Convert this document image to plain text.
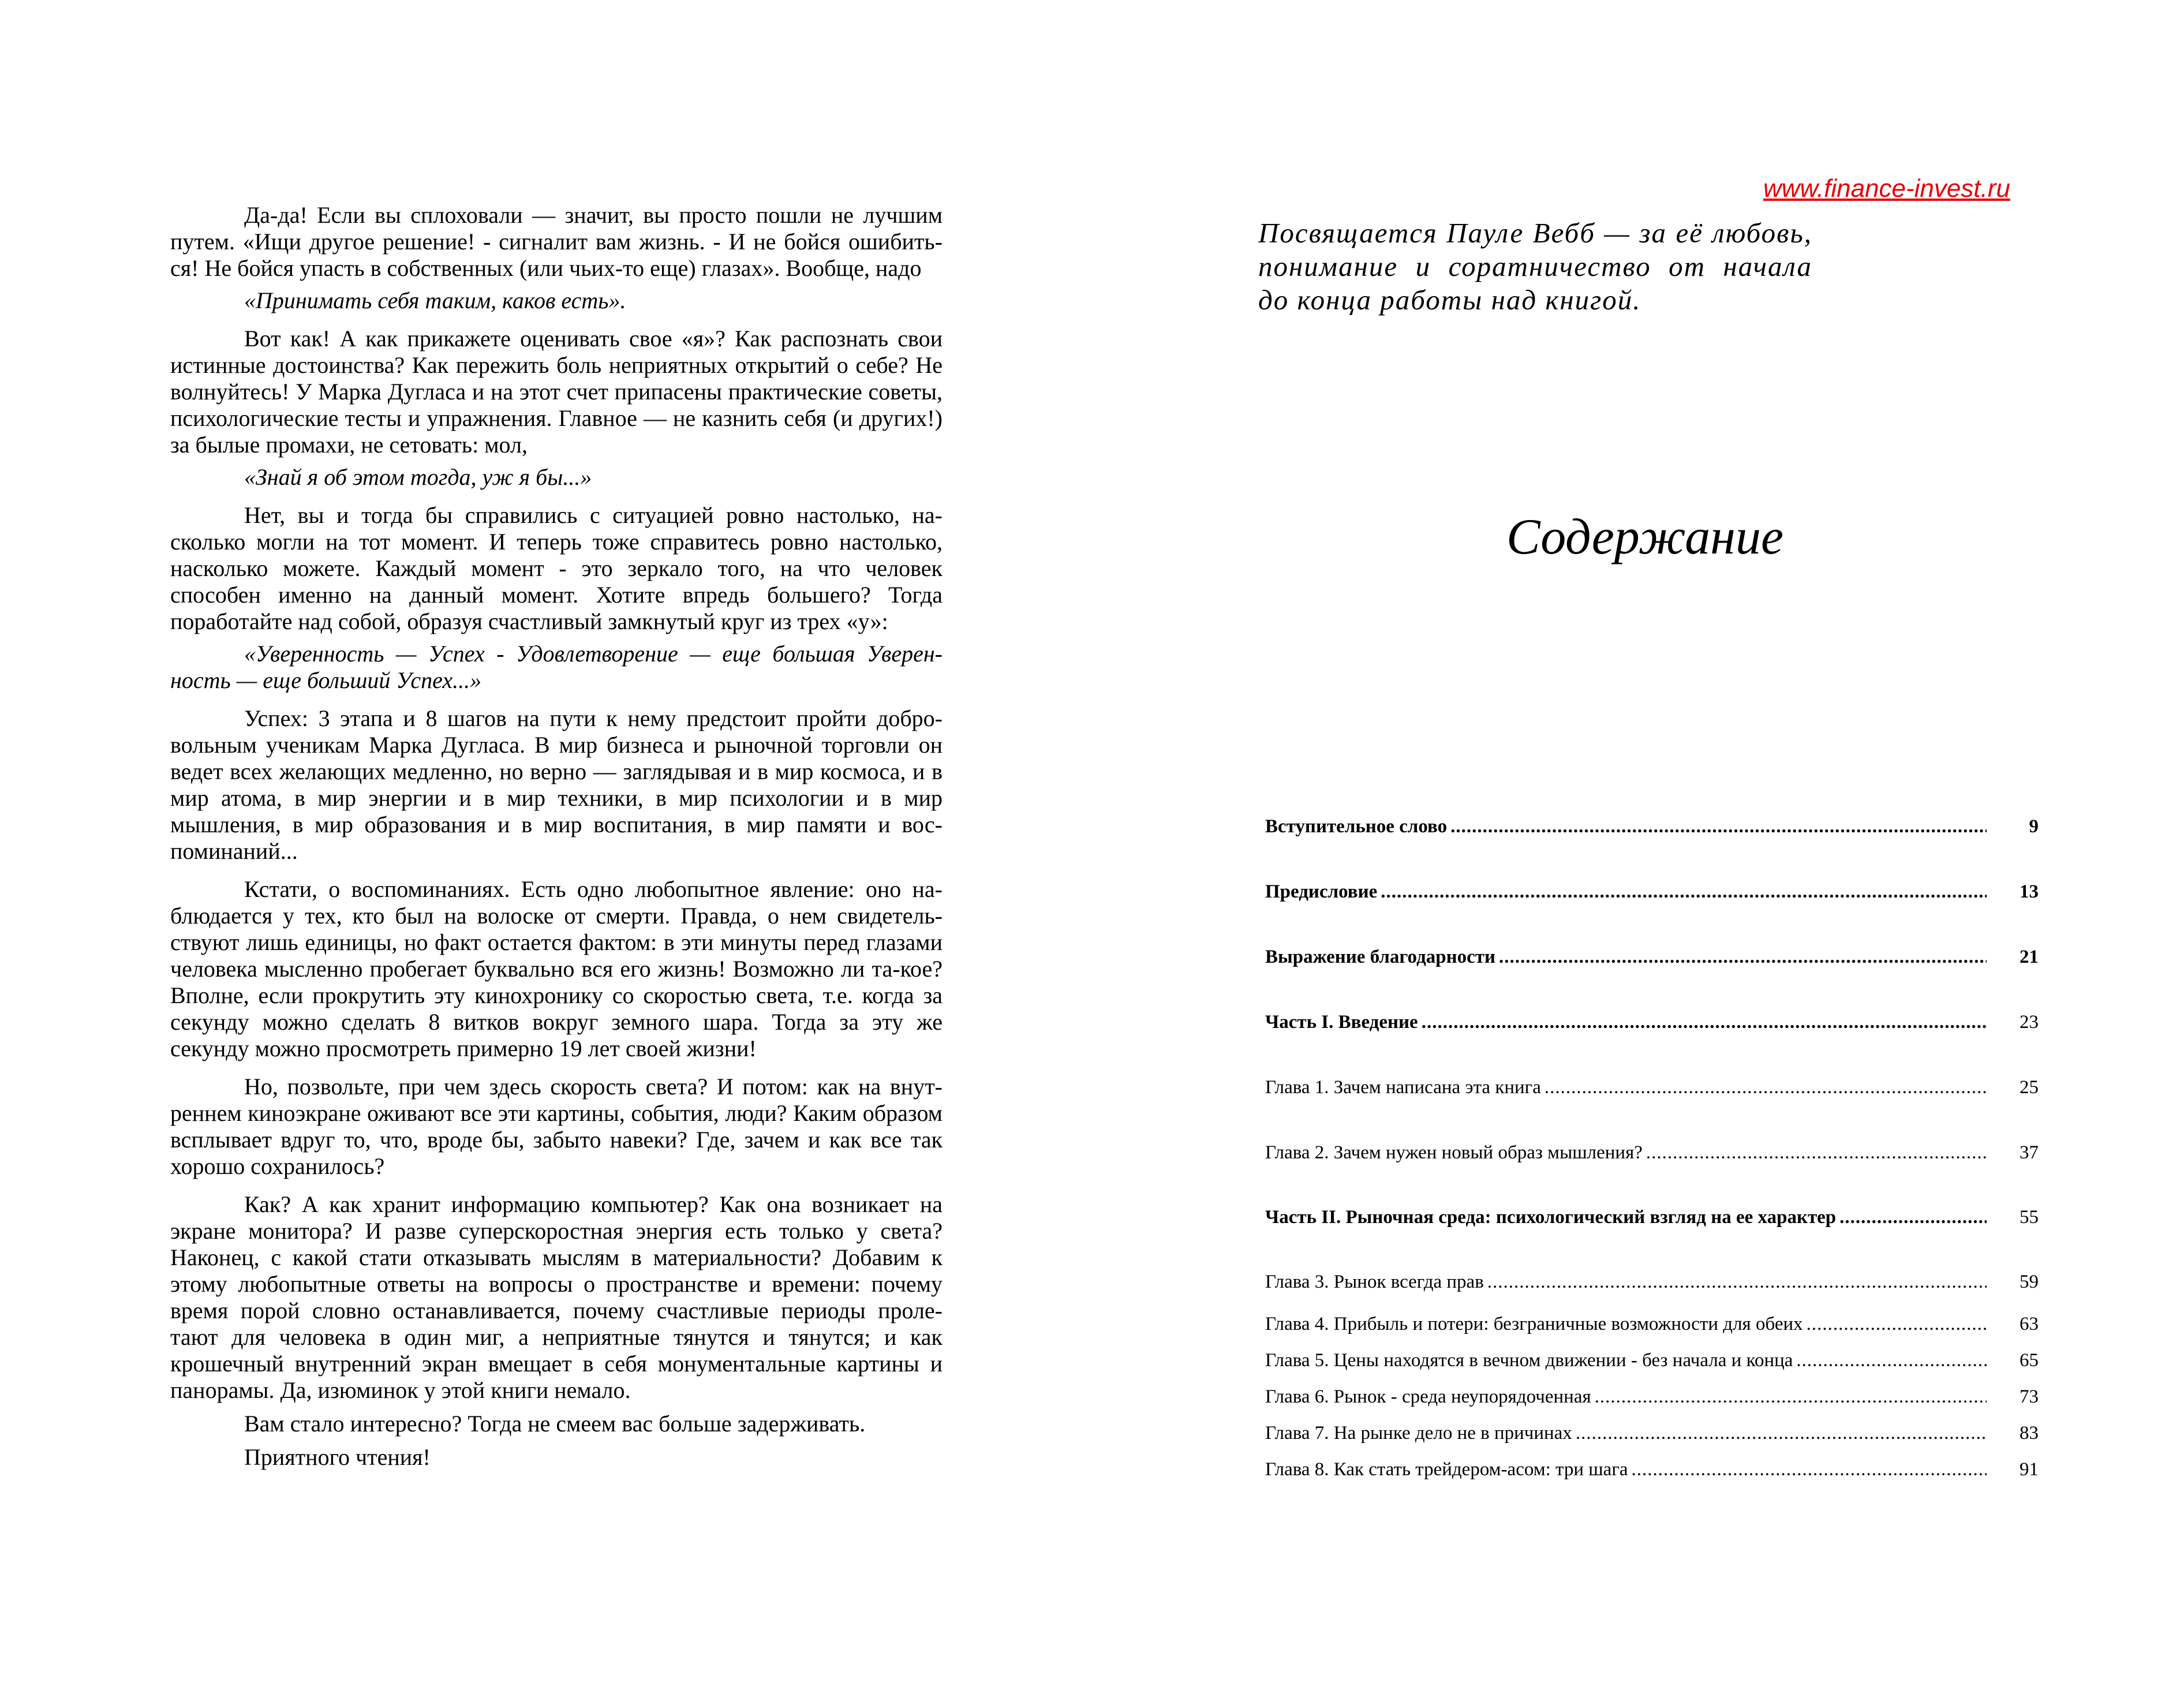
Да-да! Если вы сплоховали — значит, вы просто пошли не лучшим путем. «Ищи другое решение! - сигналит вам жизнь. - И не бойся ошибить-ся! Не бойся упасть в собственных (или чьих-то еще) глазах». Вообще, надо

«Принимать себя таким, каков есть».

Вот как! А как прикажете оценивать свое «я»? Как распознать свои истинные достоинства? Как пережить боль неприятных открытий о себе? Не волнуйтесь! У Марка Дугласа и на этот счет припасены практические советы, психологические тесты и упражнения. Главное — не казнить себя (и других!) за былые промахи, не сетовать: мол,

«Знай я об этом тогда, уж я бы...»

Нет, вы и тогда бы справились с ситуацией ровно настолько, на-сколько могли на тот момент. И теперь тоже справитесь ровно настолько, насколько можете. Каждый момент - это зеркало того, на что человек способен именно на данный момент. Хотите впредь большего? Тогда поработайте над собой, образуя счастливый замкнутый круг из трех «у»:

«Уверенность — Успех - Удовлетворение — еще большая Уверен-ность — еще больший Успех...»

Успех: 3 этапа и 8 шагов на пути к нему предстоит пройти добро-вольным ученикам Марка Дугласа. В мир бизнеса и рыночной торговли он ведет всех желающих медленно, но верно — заглядывая и в мир космоса, и в мир атома, в мир энергии и в мир техники, в мир психологии и в мир мышления, в мир образования и в мир воспитания, в мир памяти и вос-поминаний...

Кстати, о воспоминаниях. Есть одно любопытное явление: оно на-блюдается у тех, кто был на волоске от смерти. Правда, о нем свидетель-ствуют лишь единицы, но факт остается фактом: в эти минуты перед глазами человека мысленно пробегает буквально вся его жизнь! Возможно ли та-кое? Вполне, если прокрутить эту кинохронику со скоростью света, т.е. когда за секунду можно сделать 8 витков вокруг земного шара. Тогда за эту же секунду можно просмотреть примерно 19 лет своей жизни!

Но, позвольте, при чем здесь скорость света? И потом: как на внут-реннем киноэкране оживают все эти картины, события, люди? Каким образом всплывает вдруг то, что, вроде бы, забыто навеки? Где, зачем и как все так хорошо сохранилось?

Как? А как хранит информацию компьютер? Как она возникает на экране монитора? И разве суперскоростная энергия есть только у света? Наконец, с какой стати отказывать мыслям в материальности? Добавим к этому любопытные ответы на вопросы о пространстве и времени: почему время порой словно останавливается, почему счастливые периоды проле-тают для человека в один миг, а неприятные тянутся и тянутся; и как крошечный внутренний экран вмещает в себя монументальные картины и панорамы. Да, изюминок у этой книги немало.

Вам стало интересно? Тогда не смеем вас больше задерживать.

Приятного чтения!

www.finance-invest.ru
Посвящается Пауле Вебб — за её любовь,
понимание и соратничество от начала
до конца работы над книгой.
Содержание
Вступительное слово .....	9
Предисловие .....	13
Выражение благодарности .....	21
Часть I. Введение .....	23
Глава 1. Зачем написана эта книга .....	25
Глава 2. Зачем нужен новый образ мышления? .....	37
Часть II. Рыночная среда: психологический взгляд на ее характер .....	55
Глава 3. Рынок всегда прав .....	59
Глава 4. Прибыль и потери: безграничные возможности для обеих .....	63
Глава 5. Цены находятся в вечном движении - без начала и конца .....	65
Глава 6. Рынок - среда неупорядоченная .....	73
Глава 7. На рынке дело не в причинах .....	83
Глава 8. Как стать трейдером-асом: три шага .....	91
